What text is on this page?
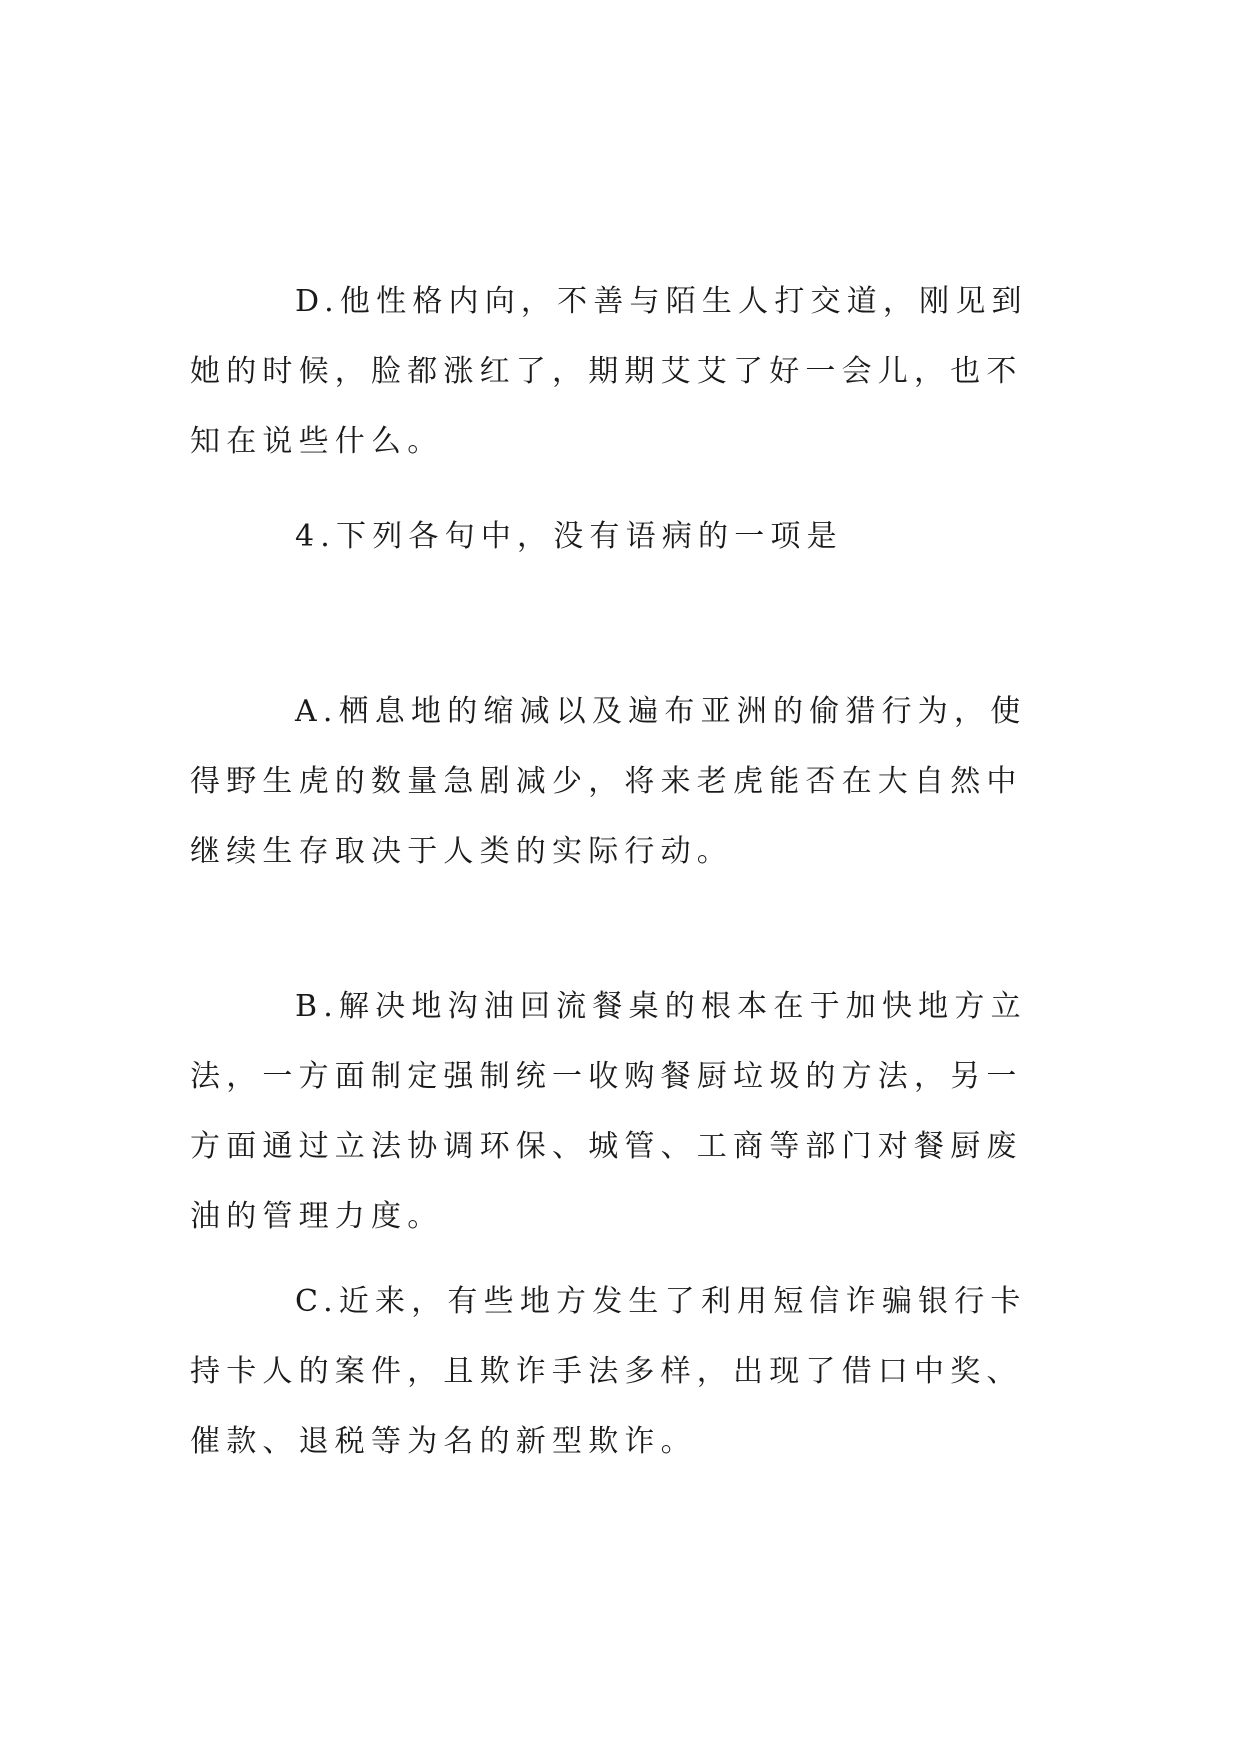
D.他性格内向，不善与陌生人打交道，刚见到她的时候，脸都涨红了，期期艾艾了好一会儿，也不知在说些什么。

4.下列各句中，没有语病的一项是

A.栖息地的缩减以及遍布亚洲的偷猎行为，使得野生虎的数量急剧减少，将来老虎能否在大自然中继续生存取决于人类的实际行动。

B.解决地沟油回流餐桌的根本在于加快地方立法，一方面制定强制统一收购餐厨垃圾的方法，另一方面通过立法协调环保、城管、工商等部门对餐厨废油的管理力度。

C.近来，有些地方发生了利用短信诈骗银行卡持卡人的案件，且欺诈手法多样，出现了借口中奖、催款、退税等为名的新型欺诈。
